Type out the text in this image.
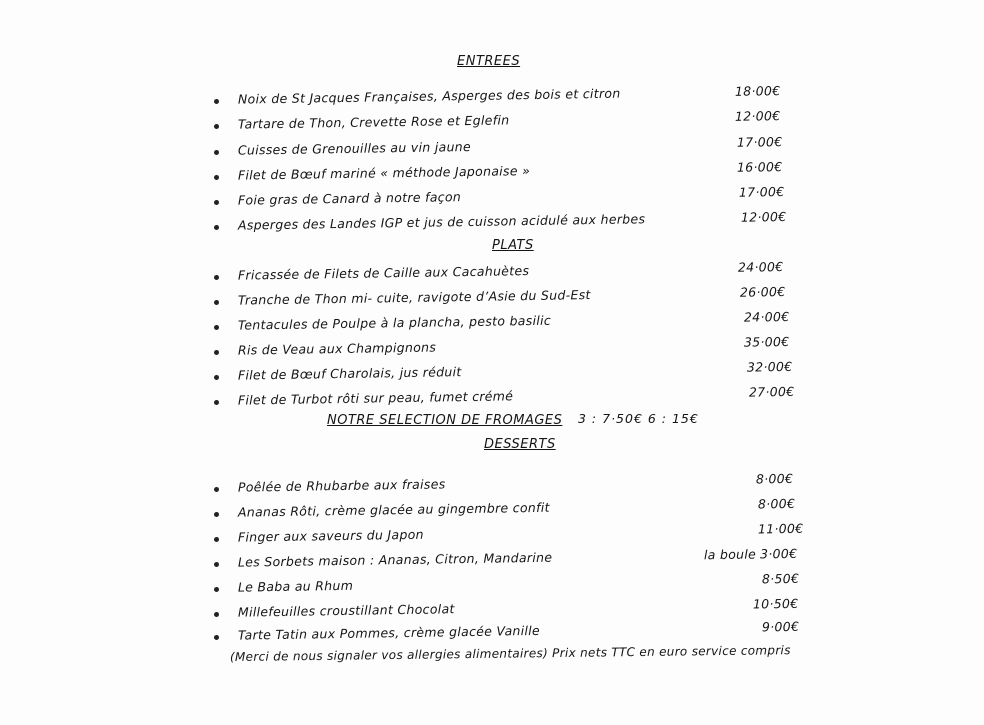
ENTREES
Noix de St Jacques Françaises, Asperges des bois et citron	18·00€
Tartare de Thon, Crevette Rose et Eglefin	12·00€
Cuisses de Grenouilles au vin jaune	17·00€
Filet de Bœuf mariné « méthode Japonaise »	16·00€
Foie gras de Canard à notre façon	17·00€
Asperges des Landes IGP et jus de cuisson acidulé aux herbes	12·00€
PLATS
Fricassée de Filets de Caille aux Cacahuètes	24·00€
Tranche de Thon mi- cuite, ravigote d’Asie du Sud-Est	26·00€
Tentacules de Poulpe à la plancha, pesto basilic	24·00€
Ris de Veau aux Champignons	35·00€
Filet de Bœuf Charolais, jus réduit	32·00€
Filet de Turbot rôti sur peau, fumet crémé	27·00€
NOTRE SELECTION DE FROMAGES 3 : 7·50€ 6 : 15€
DESSERTS
Poêlée de Rhubarbe aux fraises	8·00€
Ananas Rôti, crème glacée au gingembre confit	8·00€
Finger aux saveurs du Japon	11·00€
Les Sorbets maison : Ananas, Citron, Mandarine	la boule 3·00€
Le Baba au Rhum	8·50€
Millefeuilles croustillant Chocolat	10·50€
Tarte Tatin aux Pommes, crème glacée Vanille	9·00€
(Merci de nous signaler vos allergies alimentaires) Prix nets TTC en euro service compris
